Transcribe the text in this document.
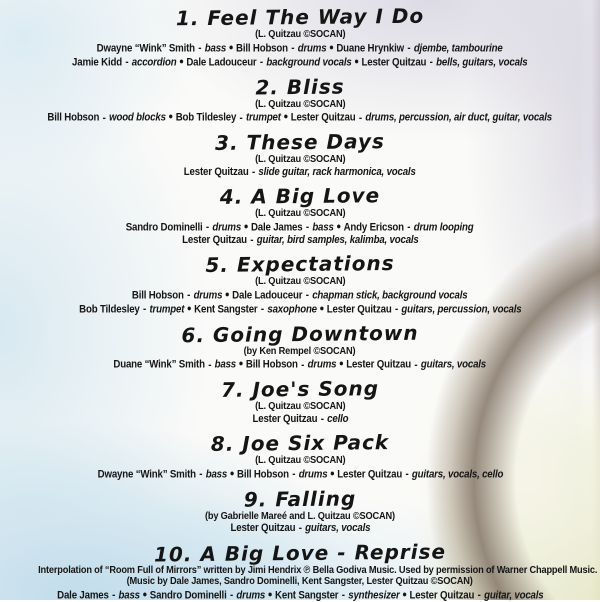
1. Feel The Way I Do
(L. Quitzau ©SOCAN)
Dwayne “Wink” Smith - bass ● Bill Hobson - drums ● Duane Hrynkiw - djembe, tambourine
Jamie Kidd - accordion ● Dale Ladouceur - background vocals ● Lester Quitzau - bells, guitars, vocals
2. Bliss
(L. Quitzau ©SOCAN)
Bill Hobson - wood blocks ● Bob Tildesley - trumpet ● Lester Quitzau - drums, percussion, air duct, guitar, vocals
3. These Days
(L. Quitzau ©SOCAN)
Lester Quitzau - slide guitar, rack harmonica, vocals
4. A Big Love
(L. Quitzau ©SOCAN)
Sandro Dominelli - drums ● Dale James - bass ● Andy Ericson - drum looping
Lester Quitzau - guitar, bird samples, kalimba, vocals
5. Expectations
(L. Quitzau ©SOCAN)
Bill Hobson - drums ● Dale Ladouceur - chapman stick, background vocals
Bob Tildesley - trumpet ● Kent Sangster - saxophone ● Lester Quitzau - guitars, percussion, vocals
6. Going Downtown
(by Ken Rempel ©SOCAN)
Duane “Wink” Smith - bass ● Bill Hobson - drums ● Lester Quitzau - guitars, vocals
7. Joe's Song
(L. Quitzau ©SOCAN)
Lester Quitzau - cello
8. Joe Six Pack
(L. Quitzau ©SOCAN)
Dwayne “Wink” Smith - bass ● Bill Hobson - drums ● Lester Quitzau - guitars, vocals, cello
9. Falling
(by Gabrielle Mareé and L. Quitzau ©SOCAN)
Lester Quitzau - guitars, vocals
10. A Big Love - Reprise
Interpolation of “Room Full of Mirrors” written by Jimi Hendrix ℗ Bella Godiva Music. Used by permission of Warner Chappell Music.
(Music by Dale James, Sandro Dominelli, Kent Sangster, Lester Quitzau ©SOCAN)
Dale James - bass ● Sandro Dominelli - drums ● Kent Sangster - synthesizer ● Lester Quitzau - guitar, vocals
